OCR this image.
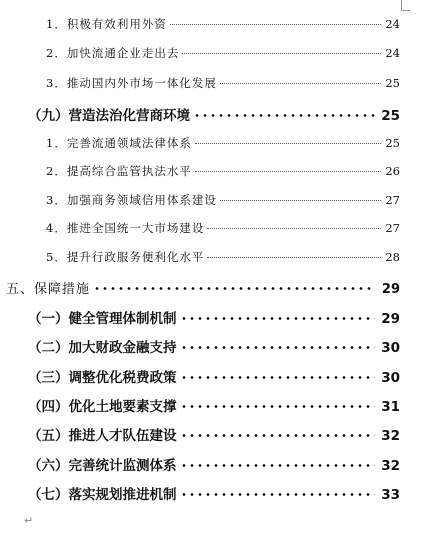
1．积极有效利用外资	24
2．加快流通企业走出去	24
3．推动国内外市场一体化发展	25
（九）营造法治化营商环境	25
1．完善流通领域法律体系	25
2．提高综合监管执法水平	26
3．加强商务领域信用体系建设	27
4．推进全国统一大市场建设	27
5．提升行政服务便利化水平	28
五、保障措施	29
（一）健全管理体制机制	29
（二）加大财政金融支持	30
（三）调整优化税费政策	30
（四）优化土地要素支撑	31
（五）推进人才队伍建设	32
（六）完善统计监测体系	32
（七）落实规划推进机制	33
↵
